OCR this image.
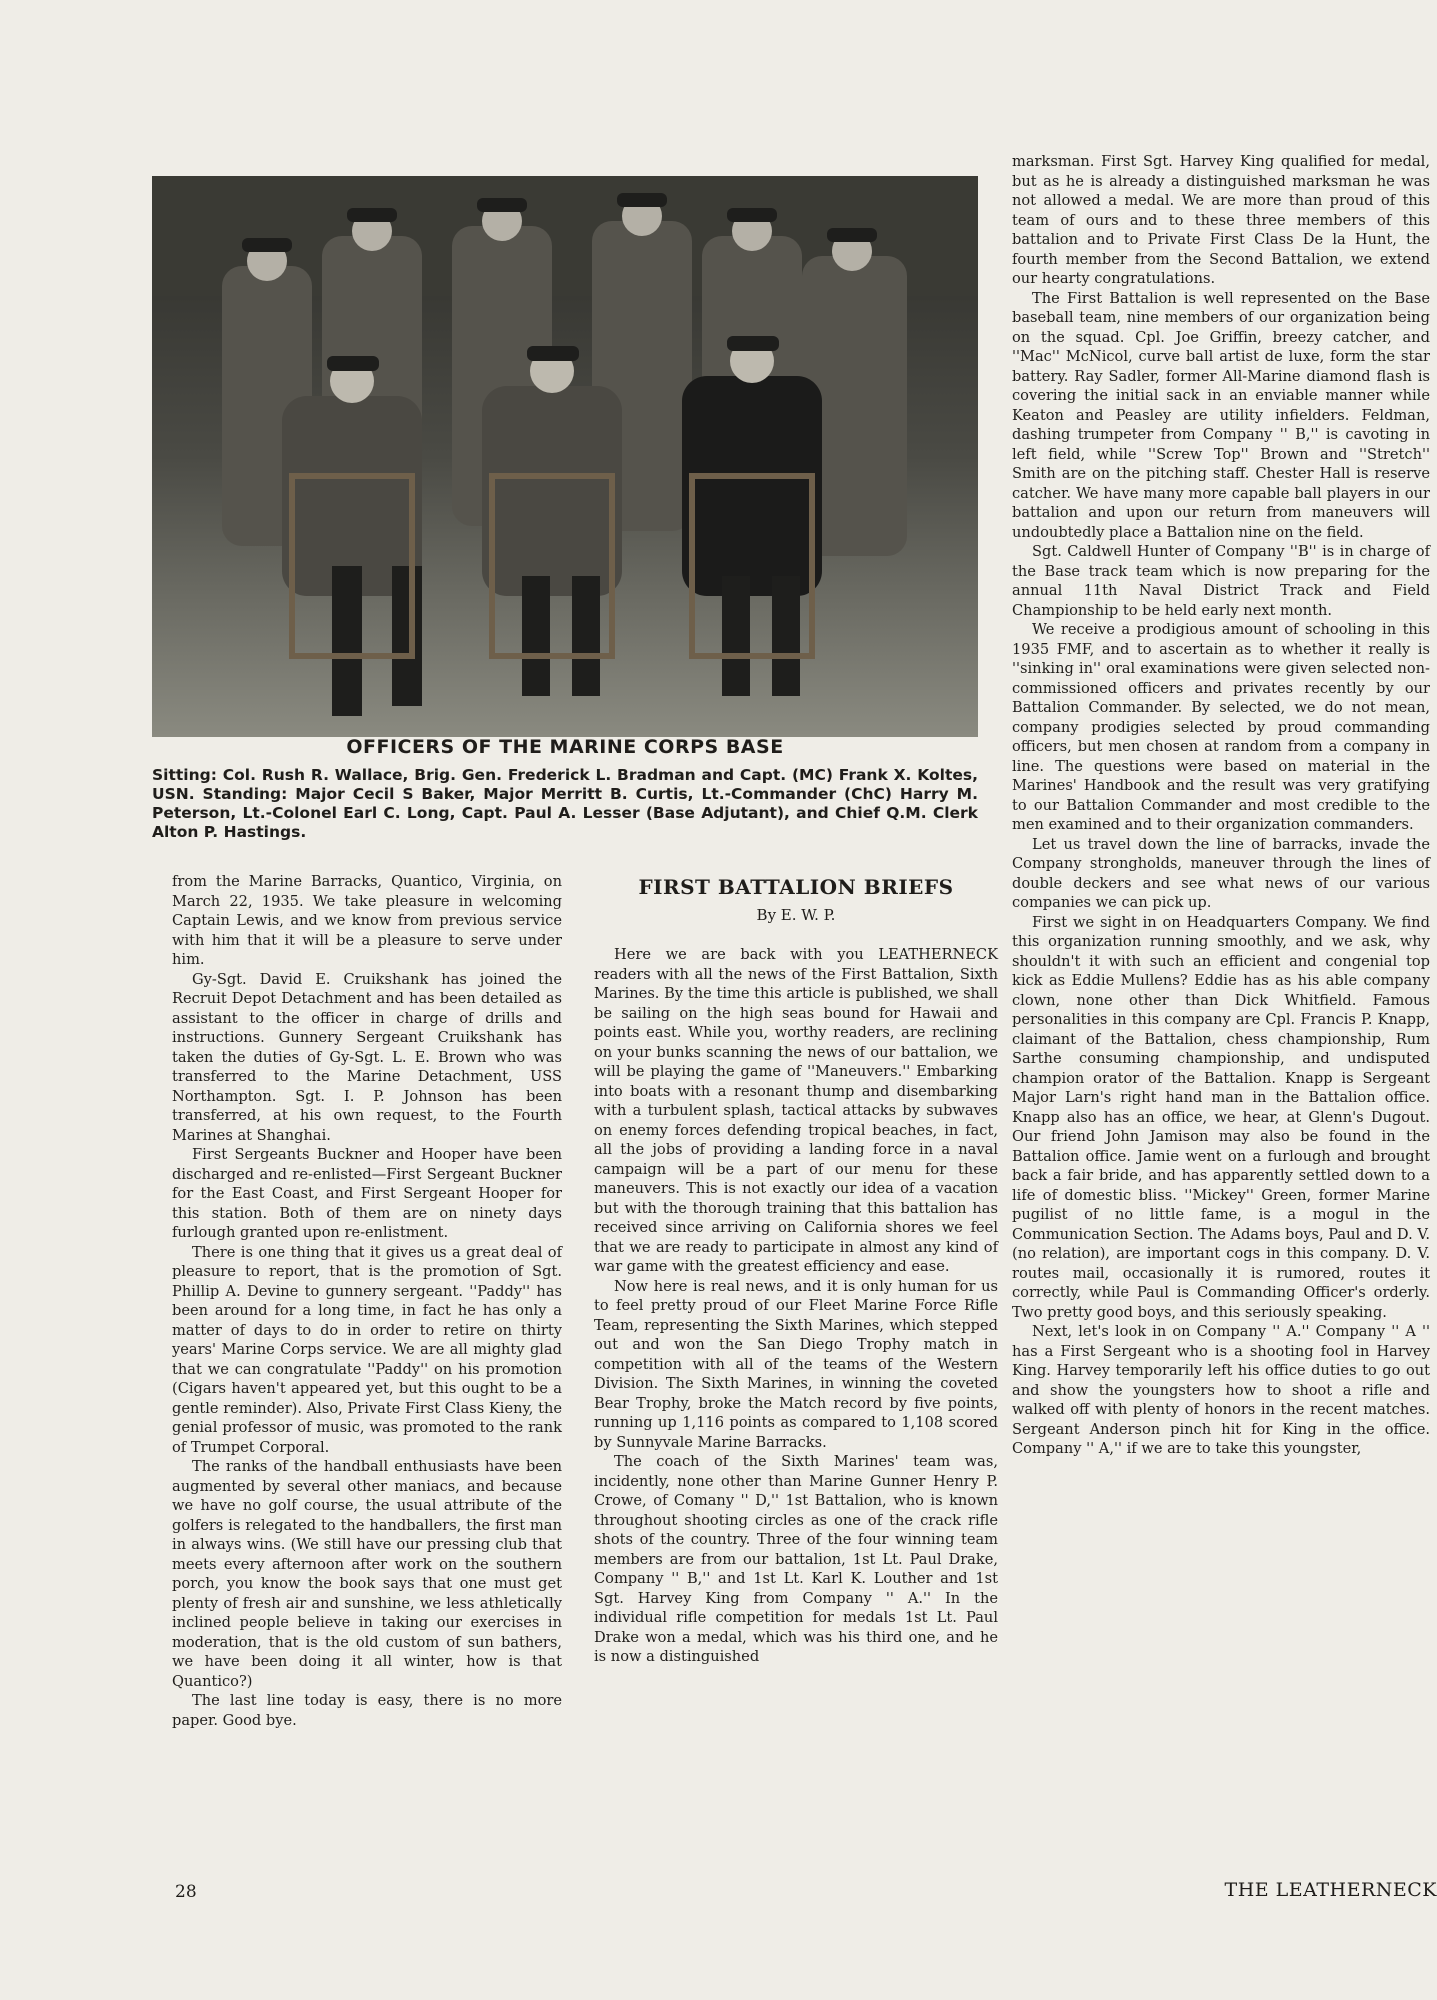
OFFICERS OF THE MARINE CORPS BASE
Sitting: Col. Rush R. Wallace, Brig. Gen. Frederick L. Bradman and Capt. (MC) Frank X. Koltes, USN. Standing: Major Cecil S Baker, Major Merritt B. Curtis, Lt.-Commander (ChC) Harry M. Peterson, Lt.-Colonel Earl C. Long, Capt. Paul A. Lesser (Base Adjutant), and Chief Q.M. Clerk Alton P. Hastings.

from the Marine Barracks, Quantico, Virginia, on March 22, 1935. We take pleasure in welcoming Captain Lewis, and we know from previous service with him that it will be a pleasure to serve under him.

Gy-Sgt. David E. Cruikshank has joined the Recruit Depot Detachment and has been detailed as assistant to the officer in charge of drills and instructions. Gunnery Sergeant Cruikshank has taken the duties of Gy-Sgt. L. E. Brown who was transferred to the Marine Detachment, USS Northampton. Sgt. I. P. Johnson has been transferred, at his own request, to the Fourth Marines at Shanghai.

First Sergeants Buckner and Hooper have been discharged and re-enlisted—First Sergeant Buckner for the East Coast, and First Sergeant Hooper for this station. Both of them are on ninety days furlough granted upon re-enlistment.

There is one thing that it gives us a great deal of pleasure to report, that is the promotion of Sgt. Phillip A. Devine to gunnery sergeant. ''Paddy'' has been around for a long time, in fact he has only a matter of days to do in order to retire on thirty years' Marine Corps service. We are all mighty glad that we can congratulate ''Paddy'' on his promotion (Cigars haven't appeared yet, but this ought to be a gentle reminder). Also, Private First Class Kieny, the genial professor of music, was promoted to the rank of Trumpet Corporal.

The ranks of the handball enthusiasts have been augmented by several other maniacs, and because we have no golf course, the usual attribute of the golfers is relegated to the handballers, the first man in always wins. (We still have our pressing club that meets every afternoon after work on the southern porch, you know the book says that one must get plenty of fresh air and sunshine, we less athletically inclined people believe in taking our exercises in moderation, that is the old custom of sun bathers, we have been doing it all winter, how is that Quantico?)

The last line today is easy, there is no more paper. Good bye.

FIRST BATTALION BRIEFS
By E. W. P.

Here we are back with you LEATHERNECK readers with all the news of the First Battalion, Sixth Marines. By the time this article is published, we shall be sailing on the high seas bound for Hawaii and points east. While you, worthy readers, are reclining on your bunks scanning the news of our battalion, we will be playing the game of ''Maneuvers.'' Embarking into boats with a resonant thump and disembarking with a turbulent splash, tactical attacks by subwaves on enemy forces defending tropical beaches, in fact, all the jobs of providing a landing force in a naval campaign will be a part of our menu for these maneuvers. This is not exactly our idea of a vacation but with the thorough training that this battalion has received since arriving on California shores we feel that we are ready to participate in almost any kind of war game with the greatest efficiency and ease.

Now here is real news, and it is only human for us to feel pretty proud of our Fleet Marine Force Rifle Team, representing the Sixth Marines, which stepped out and won the San Diego Trophy match in competition with all of the teams of the Western Division. The Sixth Marines, in winning the coveted Bear Trophy, broke the Match record by five points, running up 1,116 points as compared to 1,108 scored by Sunnyvale Marine Barracks.

The coach of the Sixth Marines' team was, incidently, none other than Marine Gunner Henry P. Crowe, of Comany '' D,'' 1st Battalion, who is known throughout shooting circles as one of the crack rifle shots of the country. Three of the four winning team members are from our battalion, 1st Lt. Paul Drake, Company '' B,'' and 1st Lt. Karl K. Louther and 1st Sgt. Harvey King from Company '' A.'' In the individual rifle competition for medals 1st Lt. Paul Drake won a medal, which was his third one, and he is now a distinguished

marksman. First Sgt. Harvey King qualified for medal, but as he is already a distinguished marksman he was not allowed a medal. We are more than proud of this team of ours and to these three members of this battalion and to Private First Class De la Hunt, the fourth member from the Second Battalion, we extend our hearty congratulations.

The First Battalion is well represented on the Base baseball team, nine members of our organization being on the squad. Cpl. Joe Griffin, breezy catcher, and ''Mac'' McNicol, curve ball artist de luxe, form the star battery. Ray Sadler, former All-Marine diamond flash is covering the initial sack in an enviable manner while Keaton and Peasley are utility infielders. Feldman, dashing trumpeter from Company '' B,'' is cavoting in left field, while ''Screw Top'' Brown and ''Stretch'' Smith are on the pitching staff. Chester Hall is reserve catcher. We have many more capable ball players in our battalion and upon our return from maneuvers will undoubtedly place a Battalion nine on the field.

Sgt. Caldwell Hunter of Company ''B'' is in charge of the Base track team which is now preparing for the annual 11th Naval District Track and Field Championship to be held early next month.

We receive a prodigious amount of schooling in this 1935 FMF, and to ascertain as to whether it really is ''sinking in'' oral examinations were given selected non-commissioned officers and privates recently by our Battalion Commander. By selected, we do not mean, company prodigies selected by proud commanding officers, but men chosen at random from a company in line. The questions were based on material in the Marines' Handbook and the result was very gratifying to our Battalion Commander and most credible to the men examined and to their organization commanders.

Let us travel down the line of barracks, invade the Company strongholds, maneuver through the lines of double deckers and see what news of our various companies we can pick up.

First we sight in on Headquarters Company. We find this organization running smoothly, and we ask, why shouldn't it with such an efficient and congenial top kick as Eddie Mullens? Eddie has as his able company clown, none other than Dick Whitfield. Famous personalities in this company are Cpl. Francis P. Knapp, claimant of the Battalion, chess championship, Rum Sarthe consuming championship, and undisputed champion orator of the Battalion. Knapp is Sergeant Major Larn's right hand man in the Battalion office. Knapp also has an office, we hear, at Glenn's Dugout. Our friend John Jamison may also be found in the Battalion office. Jamie went on a furlough and brought back a fair bride, and has apparently settled down to a life of domestic bliss. ''Mickey'' Green, former Marine pugilist of no little fame, is a mogul in the Communication Section. The Adams boys, Paul and D. V. (no relation), are important cogs in this company. D. V. routes mail, occasionally it is rumored, routes it correctly, while Paul is Commanding Officer's orderly. Two pretty good boys, and this seriously speaking.

Next, let's look in on Company '' A.'' Company '' A '' has a First Sergeant who is a shooting fool in Harvey King. Harvey temporarily left his office duties to go out and show the youngsters how to shoot a rifle and walked off with plenty of honors in the recent matches. Sergeant Anderson pinch hit for King in the office. Company '' A,'' if we are to take this youngster,

28	THE LEATHERNECK
